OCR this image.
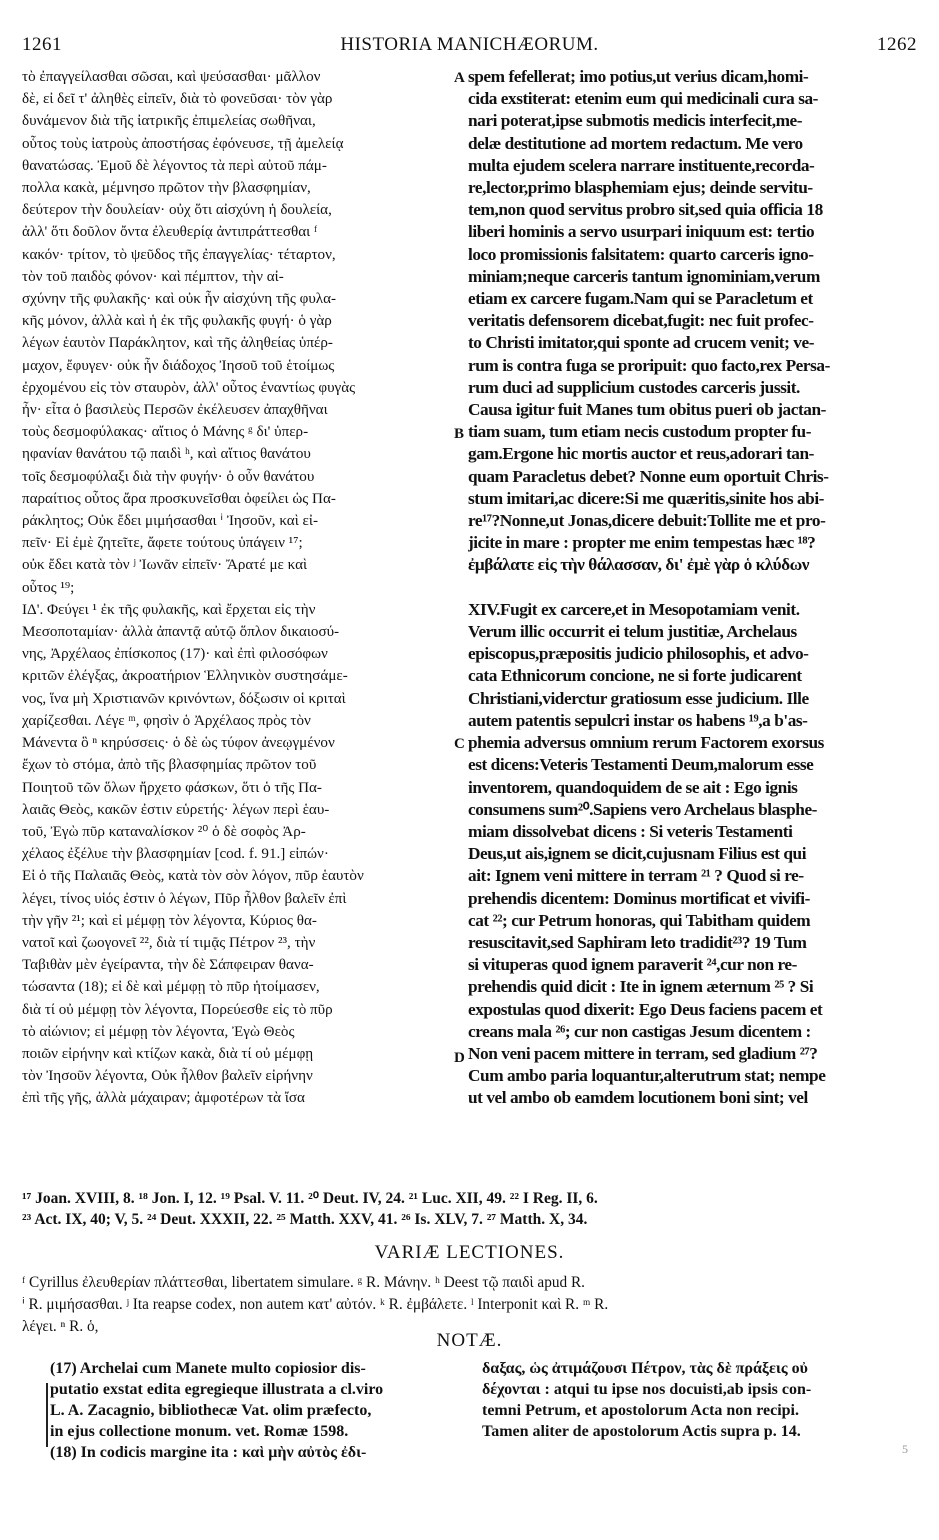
1261	HISTORIA MANICHÆORUM.	1262
τὸ ἐπαγγείλασθαι σῶσαι, καὶ ψεύσασθαι· μᾶλλον
δὲ, εἰ δεῖ τ' ἀληθὲς εἰπεῖν, διὰ τὸ φονεῦσαι· τὸν γὰρ
δυνάμενον διὰ τῆς ἰατρικῆς ἐπιμελείας σωθῆναι,
οὗτος τοὺς ἰατροὺς ἀποστήσας ἐφόνευσε, τῇ ἀμελείᾳ
θανατώσας. Ἐμοῦ δὲ λέγοντος τὰ περὶ αὐτοῦ πάμ-
πολλα κακὰ, μέμνησο πρῶτον τὴν βλασφημίαν,
δεύτερον τὴν δουλείαν· οὐχ ὅτι αἰσχύνη ἡ δουλεία,
ἀλλ' ὅτι δοῦλον ὄντα ἐλευθερίᾳ ἀντιπράττεσθαι ᶠ
κακόν· τρίτον, τὸ ψεῦδος τῆς ἐπαγγελίας· τέταρτον,
τὸν τοῦ παιδὸς φόνον· καὶ πέμπτον, τὴν αἰ-
σχύνην τῆς φυλακῆς· καὶ οὐκ ἦν αἰσχύνη τῆς φυλα-
κῆς μόνον, ἀλλὰ καὶ ἡ ἐκ τῆς φυλακῆς φυγή· ὁ γὰρ
λέγων ἑαυτὸν Παράκλητον, καὶ τῆς ἀληθείας ὑπέρ-
μαχον, ἔφυγεν· οὐκ ἦν διάδοχος Ἰησοῦ τοῦ ἑτοίμως
ἐρχομένου εἰς τὸν σταυρὸν, ἀλλ' οὗτος ἐναντίως φυγὰς
ἦν· εἶτα ὁ βασιλεὺς Περσῶν ἐκέλευσεν ἀπαχθῆναι
τοὺς δεσμοφύλακας· αἴτιος ὁ Μάνης ᵍ δι' ὑπερ-
ηφανίαν θανάτου τῷ παιδὶ ʰ, καὶ αἴτιος θανάτου
τοῖς δεσμοφύλαξι διὰ τὴν φυγήν· ὁ οὖν θανάτου
παραίτιος οὗτος ἄρα προσκυνεῖσθαι ὀφείλει ὡς Πα-
ράκλητος; Οὐκ ἔδει μιμήσασθαι ⁱ Ἰησοῦν, καὶ εἰ-
πεῖν· Εἰ ἐμὲ ζητεῖτε, ἄφετε τούτους ὑπάγειν ¹⁷;
οὐκ ἔδει κατὰ τὸν ʲ Ἰωνᾶν εἰπεῖν· Ἄρατέ με καὶ
οὗτος ¹⁹;
ΙΔ'. Φεύγει ¹ ἐκ τῆς φυλακῆς, καὶ ἔρχεται εἰς τὴν
Μεσοποταμίαν· ἀλλὰ ἀπαντᾷ αὐτῷ ὅπλον δικαιοσύ-
νης, Ἀρχέλαος ἐπίσκοπος (17)· καὶ ἐπὶ φιλοσόφων
κριτῶν ἐλέγξας, ἀκροατήριον Ἑλληνικὸν συστησάμε-
νος, ἵνα μὴ Χριστιανῶν κρινόντων, δόξωσιν οἱ κριταὶ
χαρίζεσθαι. Λέγε ᵐ, φησὶν ὁ Ἀρχέλαος πρὸς τὸν
Μάνεντα ὃ ⁿ κηρύσσεις· ὁ δὲ ὡς τύφον ἀνεῳγμένον
ἔχων τὸ στόμα, ἀπὸ τῆς βλασφημίας πρῶτον τοῦ
Ποιητοῦ τῶν ὅλων ἤρχετο φάσκων, ὅτι ὁ τῆς Πα-
λαιᾶς Θεὸς, κακῶν ἐστιν εὑρετής· λέγων περὶ ἑαυ-
τοῦ, Ἐγὼ πῦρ καταναλίσκον ²⁰ ὁ δὲ σοφὸς Ἀρ-
χέλαος ἐξέλυε τὴν βλασφημίαν [cod. f. 91.] εἰπών·
Εἰ ὁ τῆς Παλαιᾶς Θεὸς, κατὰ τὸν σὸν λόγον, πῦρ ἑαυτὸν
λέγει, τίνος υἱός ἐστιν ὁ λέγων, Πῦρ ἦλθον βαλεῖν ἐπὶ
τὴν γῆν ²¹; καὶ εἰ μέμφῃ τὸν λέγοντα, Κύριος θα-
νατοῖ καὶ ζωογονεῖ ²², διὰ τί τιμᾷς Πέτρον ²³, τὴν
Ταβιθὰν μὲν ἐγείραντα, τὴν δὲ Σάπφειραν θανα-
τώσαντα (18); εἰ δὲ καὶ μέμφῃ τὸ πῦρ ἡτοίμασεν,
διὰ τί οὐ μέμφῃ τὸν λέγοντα, Πορεύεσθε εἰς τὸ πῦρ
τὸ αἰώνιον; εἰ μέμφῃ τὸν λέγοντα, Ἐγὼ Θεὸς
ποιῶν εἰρήνην καὶ κτίζων κακὰ, διὰ τί οὐ μέμφῃ
τὸν Ἰησοῦν λέγοντα, Οὐκ ἦλθον βαλεῖν εἰρήνην
ἐπὶ τῆς γῆς, ἀλλὰ μάχαιραν; ἀμφοτέρων τὰ ἴσα
spem fefellerat; imo potius,ut verius dicam,homi-
cida exstiterat: etenim eum qui medicinali cura sa-
nari poterat,ipse submotis medicis interfecit,me-
delæ destitutione ad mortem redactum. Me vero
multa ejudem scelera narrare instituente,recorda-
re,lector,primo blasphemiam ejus; deinde servitu-
tem,non quod servitus probro sit,sed quia officia 18
liberi hominis a servo usurpari iniquum est: tertio
loco promissionis falsitatem: quarto carceris igno-
miniam;neque carceris tantum ignominiam,verum
etiam ex carcere fugam.Nam qui se Paracletum et
veritatis defensorem dicebat,fugit: nec fuit profec-
to Christi imitator,qui sponte ad crucem venit; ve-
rum is contra fuga se proripuit: quo facto,rex Persa-
rum duci ad supplicium custodes carceris jussit.
Causa igitur fuit Manes tum obitus pueri ob jactan-
tiam suam, tum etiam necis custodum propter fu-
gam.Ergone hic mortis auctor et reus,adorari tan-
quam Paracletus debet? Nonne eum oportuit Chris-
stum imitari,ac dicere:Si me quæritis,sinite hos abi-
re¹⁷?Nonne,ut Jonas,dicere debuit:Tollite me et pro-
jicite in mare : propter me enim tempestas hæc ¹⁸?
ἐμβάλατε εἰς τὴν θάλασσαν, δι' ἐμὲ γὰρ ὁ κλύδων

XIV.Fugit ex carcere,et in Mesopotamiam venit.
Verum illic occurrit ei telum justitiæ, Archelaus
episcopus,præpositis judicio philosophis, et advo-
cata Ethnicorum concione, ne si forte judicarent
Christiani,viderctur gratiosum esse judicium. Ille
autem patentis sepulcri instar os habens ¹⁹,a b'as-
phemia adversus omnium rerum Factorem exorsus
est dicens:Veteris Testamenti Deum,malorum esse
inventorem, quandoquidem de se ait : Ego ignis
consumens sum²⁰.Sapiens vero Archelaus blasphe-
miam dissolvebat dicens : Si veteris Testamenti
Deus,ut ais,ignem se dicit,cujusnam Filius est qui
ait: Ignem veni mittere in terram ²¹ ? Quod si re-
prehendis dicentem: Dominus mortificat et vivifi-
cat ²²; cur Petrum honoras, qui Tabitham quidem
resuscitavit,sed Saphiram leto tradidit²³? 19 Tum
si vituperas quod ignem paraverit ²⁴,cur non re-
prehendis quid dicit : Ite in ignem æternum ²⁵ ? Si
expostulas quod dixerit: Ego Deus faciens pacem et
creans mala ²⁶; cur non castigas Jesum dicentem :
Non veni pacem mittere in terram, sed gladium ²⁷?
Cum ambo paria loquantur,alterutrum stat; nempe
ut vel ambo ob eamdem locutionem boni sint; vel
A
B
C
D
¹⁷ Joan. XVIII, 8. ¹⁸ Jon. I, 12. ¹⁹ Psal. V. 11. ²⁰ Deut. IV, 24. ²¹ Luc. XII, 49. ²² I Reg. II, 6.
²³ Act. IX, 40; V, 5. ²⁴ Deut. XXXII, 22. ²⁵ Matth. XXV, 41. ²⁶ Is. XLV, 7. ²⁷ Matth. X, 34.
VARIÆ LECTIONES.
ᶠ Cyrillus ἐλευθερίαν πλάττεσθαι, libertatem simulare. ᵍ R. Μάνην. ʰ Deest τῷ παιδὶ apud R.
ⁱ R. μιμήσασθαι. ʲ Ita reapse codex, non autem κατ' αὐτόν. ᵏ R. ἐμβάλετε. ˡ Interponit καὶ R. ᵐ R.
λέγει. ⁿ R. ὁ,
NOTÆ.
(17) Archelai cum Manete multo copiosior dis-
putatio exstat edita egregieque illustrata a cl.viro
L. A. Zacagnio, bibliothecæ Vat. olim præfecto,
in ejus collectione monum. vet. Romæ 1598.
(18) In codicis margine ita : καὶ μὴν αὐτὸς ἐδι-
δαξας, ὡς ἀτιμάζουσι Πέτρον, τὰς δὲ πράξεις οὐ
δέχονται : atqui tu ipse nos docuisti,ab ipsis con-
temni Petrum, et apostolorum Acta non recipi.
Tamen aliter de apostolorum Actis supra p. 14.
5
